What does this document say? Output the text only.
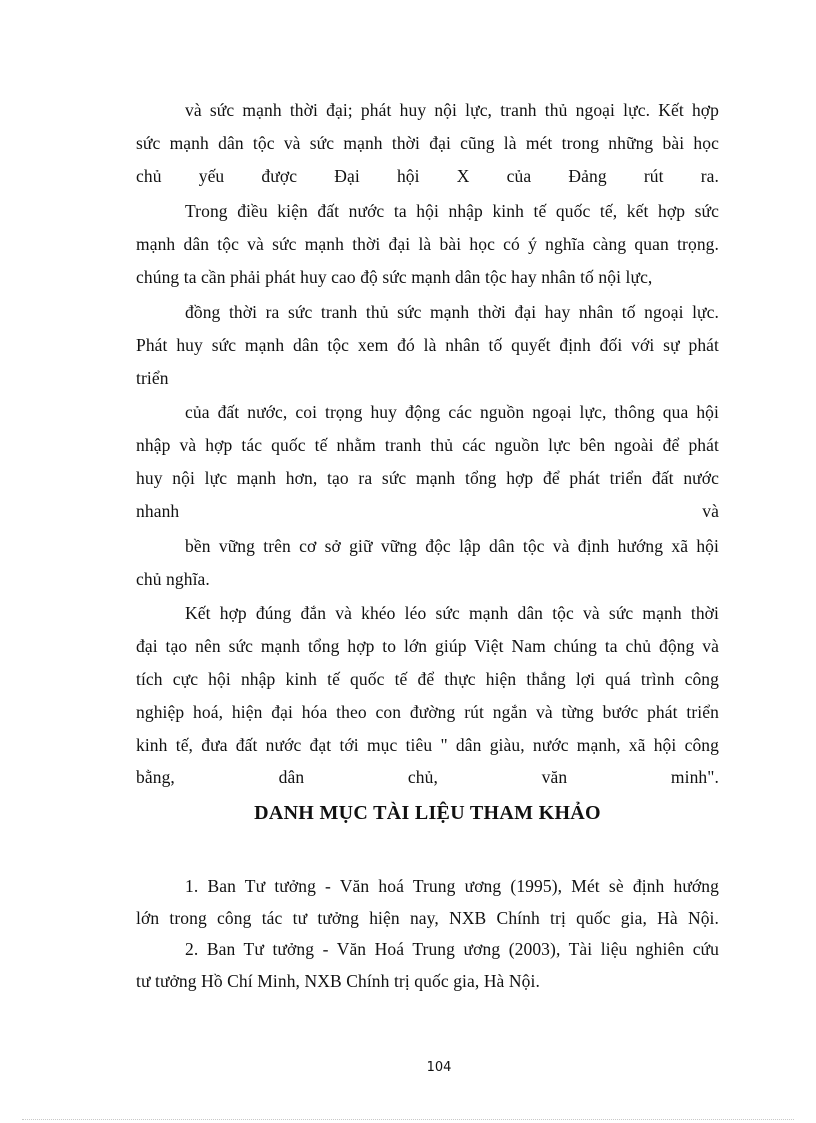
và sức mạnh thời đại; phát huy nội lực, tranh thủ ngoại lực. Kết hợp
sức mạnh dân tộc và sức mạnh thời đại cũng là mét trong những bài học
chủ yếu được Đại hội X của Đảng rút ra.
Trong điều kiện đất nước ta hội nhập kinh tế quốc tế, kết hợp sức
mạnh dân tộc và sức mạnh thời đại là bài học có ý nghĩa càng quan trọng.
chúng ta cần phải phát huy cao độ sức mạnh dân tộc hay nhân tố nội lực,
đồng thời ra sức tranh thủ sức mạnh thời đại hay nhân tố ngoại lực.
Phát huy sức mạnh dân tộc xem đó là nhân tố quyết định đối với sự phát
triển
của đất nước, coi trọng huy động các nguồn ngoại lực, thông qua hội
nhập và hợp tác quốc tế nhằm tranh thủ các nguồn lực bên ngoài để phát
huy nội lực mạnh hơn, tạo ra sức mạnh tổng hợp để phát triển đất nước
nhanh và
bền vững trên cơ sở giữ vững độc lập dân tộc và định hướng xã hội
chủ nghĩa.
Kết hợp đúng đắn và khéo léo sức mạnh dân tộc và sức mạnh thời
đại tạo nên sức mạnh tổng hợp to lớn giúp Việt Nam chúng ta chủ động và
tích cực hội nhập kinh tế quốc tế để thực hiện thắng lợi quá trình công
nghiệp hoá, hiện đại hóa theo con đường rút ngắn và từng bước phát triển
kinh tế, đưa đất nước đạt tới mục tiêu " dân giàu, nước mạnh, xã hội công
bằng, dân chủ, văn minh".
DANH MỤC TÀI LIỆU THAM KHẢO
1. Ban Tư tưởng - Văn hoá Trung ương (1995), Mét sè định hướng
lớn trong công tác tư tưởng hiện nay, NXB Chính trị quốc gia, Hà Nội.
2. Ban Tư tưởng - Văn Hoá Trung ương (2003), Tài liệu nghiên cứu
tư tưởng Hồ Chí Minh, NXB Chính trị quốc gia, Hà Nội.
104
